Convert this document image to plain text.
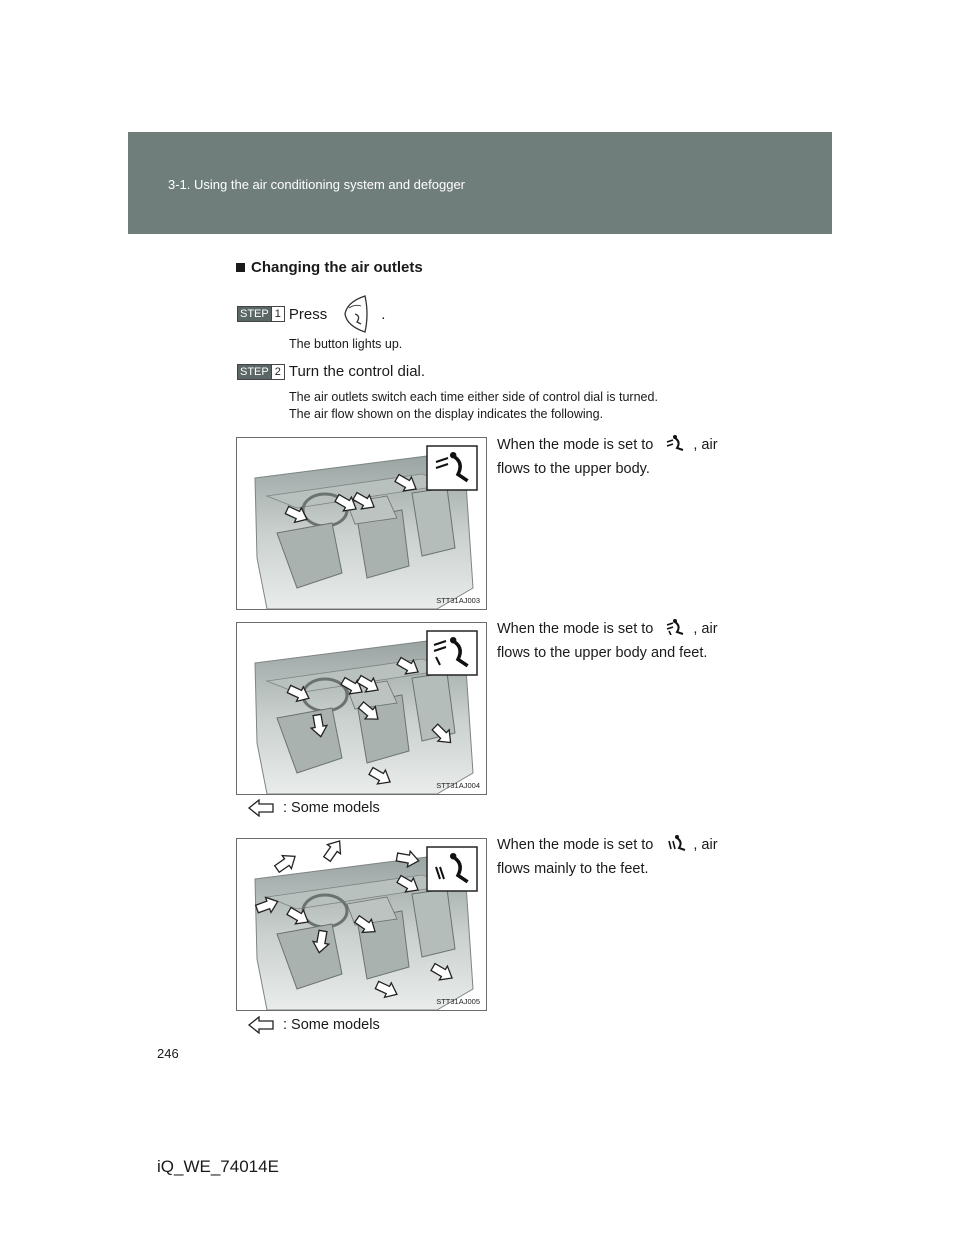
3-1. Using the air conditioning system and defogger
Changing the air outlets
STEP 1 Press	.
The button lights up.
STEP 2 Turn the control dial.
The air outlets switch each time either side of control dial is turned.
The air flow shown on the display indicates the following.
STT31AJ003
When the mode is set to	, air
flows to the upper body.
STT31AJ004
When the mode is set to	, air
flows to the upper body and feet.
: Some models
STT31AJ005
When the mode is set to	, air
flows mainly to the feet.
: Some models
246
iQ_WE_74014E
